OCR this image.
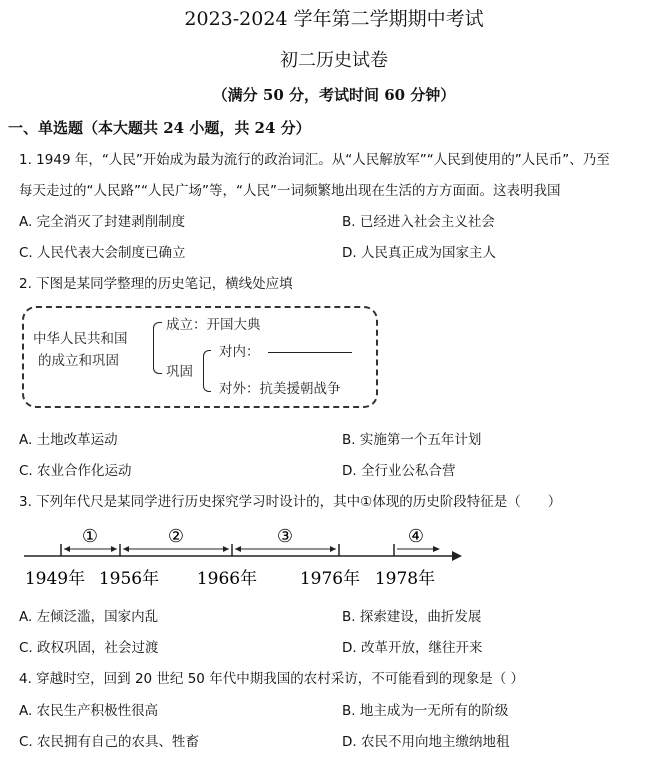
2023-2024 学年第二学期期中考试
初二历史试卷
（满分 50 分，考试时间 60 分钟）
一、单选题（本大题共 24 小题，共 24 分）
1. 1949 年，“人民”开始成为最为流行的政治词汇。从“人民解放军”“人民到使用的”人民币”、乃至
每天走过的“人民路”“人民广场”等，“人民”一词频繁地出现在生活的方方面面。这表明我国
A. 完全消灭了封建剥削制度	B. 已经进入社会主义社会
C. 人民代表大会制度已确立	D. 人民真正成为国家主人
2. 下图是某同学整理的历史笔记，横线处应填
中华人民共和国
的成立和巩固
成立：开国大典
巩固
对内：
对外：抗美援朝战争
A. 土地改革运动	B. 实施第一个五年计划
C. 农业合作化运动	D. 全行业公私合营
3. 下列年代尺是某同学进行历史探究学习时设计的，其中①体现的历史阶段特征是（　　）
①	②	③	④
1949年 1956年 1966年	1976年 1978年
A. 左倾泛滥，国家内乱	B. 探索建设，曲折发展
C. 政权巩固，社会过渡	D. 改革开放，继往开来
4. 穿越时空，回到 20 世纪 50 年代中期我国的农村采访，不可能看到的现象是（ ）
A. 农民生产积极性很高	B. 地主成为一无所有的阶级
C. 农民拥有自己的农具、牲畜	D. 农民不用向地主缴纳地租
